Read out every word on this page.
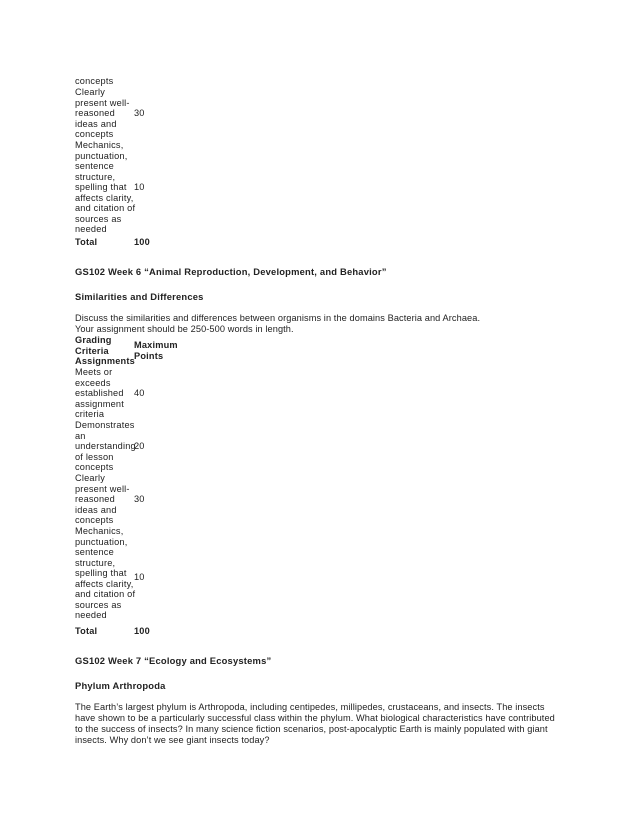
concepts
Clearly
present well-
reasoned
ideas and
concepts
30
Mechanics,
punctuation,
sentence
structure,
spelling that
affects clarity,
and citation of
sources as
needed
10
Total	100
GS102 Week 6 “Animal Reproduction, Development, and Behavior”
Similarities and Differences
Discuss the similarities and differences between organisms in the domains Bacteria and Archaea.
Your assignment should be 250-500 words in length.
Grading
Criteria
Assignments
Maximum
Points
Meets or
exceeds
established
assignment
criteria
40
Demonstrates
an
understanding
of lesson
concepts
20
Clearly
present well-
reasoned
ideas and
concepts
30
Mechanics,
punctuation,
sentence
structure,
spelling that
affects clarity,
and citation of
sources as
needed
10
Total	100
GS102 Week 7 “Ecology and Ecosystems”
Phylum Arthropoda
The Earth’s largest phylum is Arthropoda, including centipedes, millipedes, crustaceans, and insects. The insects
have shown to be a particularly successful class within the phylum. What biological characteristics have contributed
to the success of insects? In many science fiction scenarios, post-apocalyptic Earth is mainly populated with giant
insects. Why don’t we see giant insects today?
